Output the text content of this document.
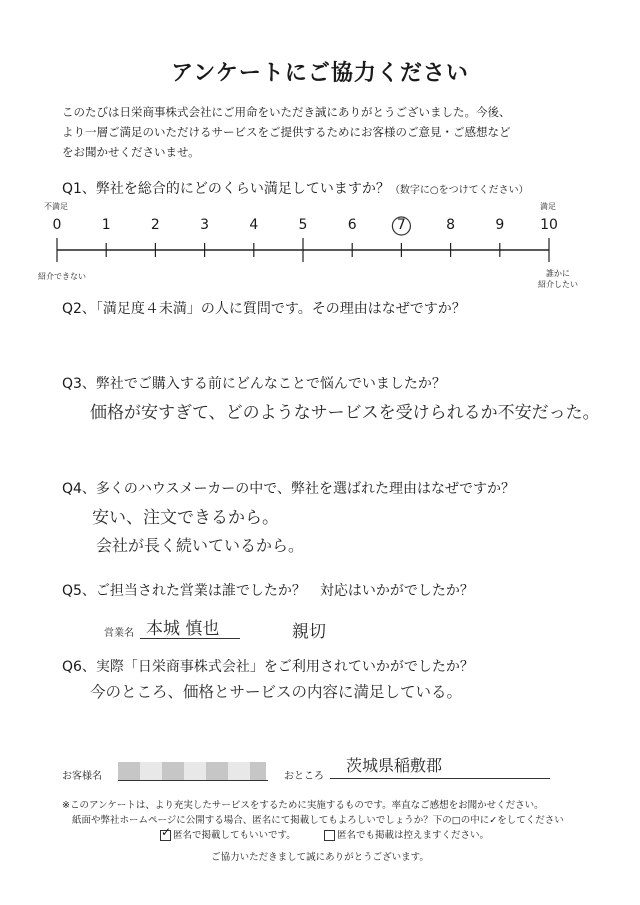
アンケートにご協力ください
このたびは日栄商事株式会社にご用命をいただき誠にありがとうございました。今後、
より一層ご満足のいただけるサービスをご提供するためにお客様のご意見・ご感想など
をお聞かせくださいませ。
Q1、弊社を総合的にどのくらい満足していますか？（数字に○をつけてください）
不満足	満足
0	1	2	3	4	5	6	7	8	9	10
紹介できない	誰かに
紹介したい
Q2、「満足度４未満」の人に質問です。その理由はなぜですか？
Q3、弊社でご購入する前にどんなことで悩んでいましたか？
価格が安すぎて、どのようなサービスを受けられるか不安だった。
Q4、多くのハウスメーカーの中で、弊社を選ばれた理由はなぜですか？
安い、注文できるから。
会社が長く続いているから。
Q5、ご担当された営業は誰でしたか？　対応はいかがでしたか？
営業名 本城 慎也	親切
Q6、実際「日栄商事株式会社」をご利用されていかがでしたか？
今のところ、価格とサービスの内容に満足している。
お客様名	おところ
茨城県稲敷郡
※このアンケートは、より充実したサービスをするために実施するものです。率直なご感想をお聞かせください。
紙面や弊社ホームページに公開する場合、匿名にて掲載してもよろしいでしょうか？下の□の中に✓をしてください
✓ 匿名で掲載してもいいです。	匿名でも掲載は控えますください。
ご協力いただきまして誠にありがとうございます。
